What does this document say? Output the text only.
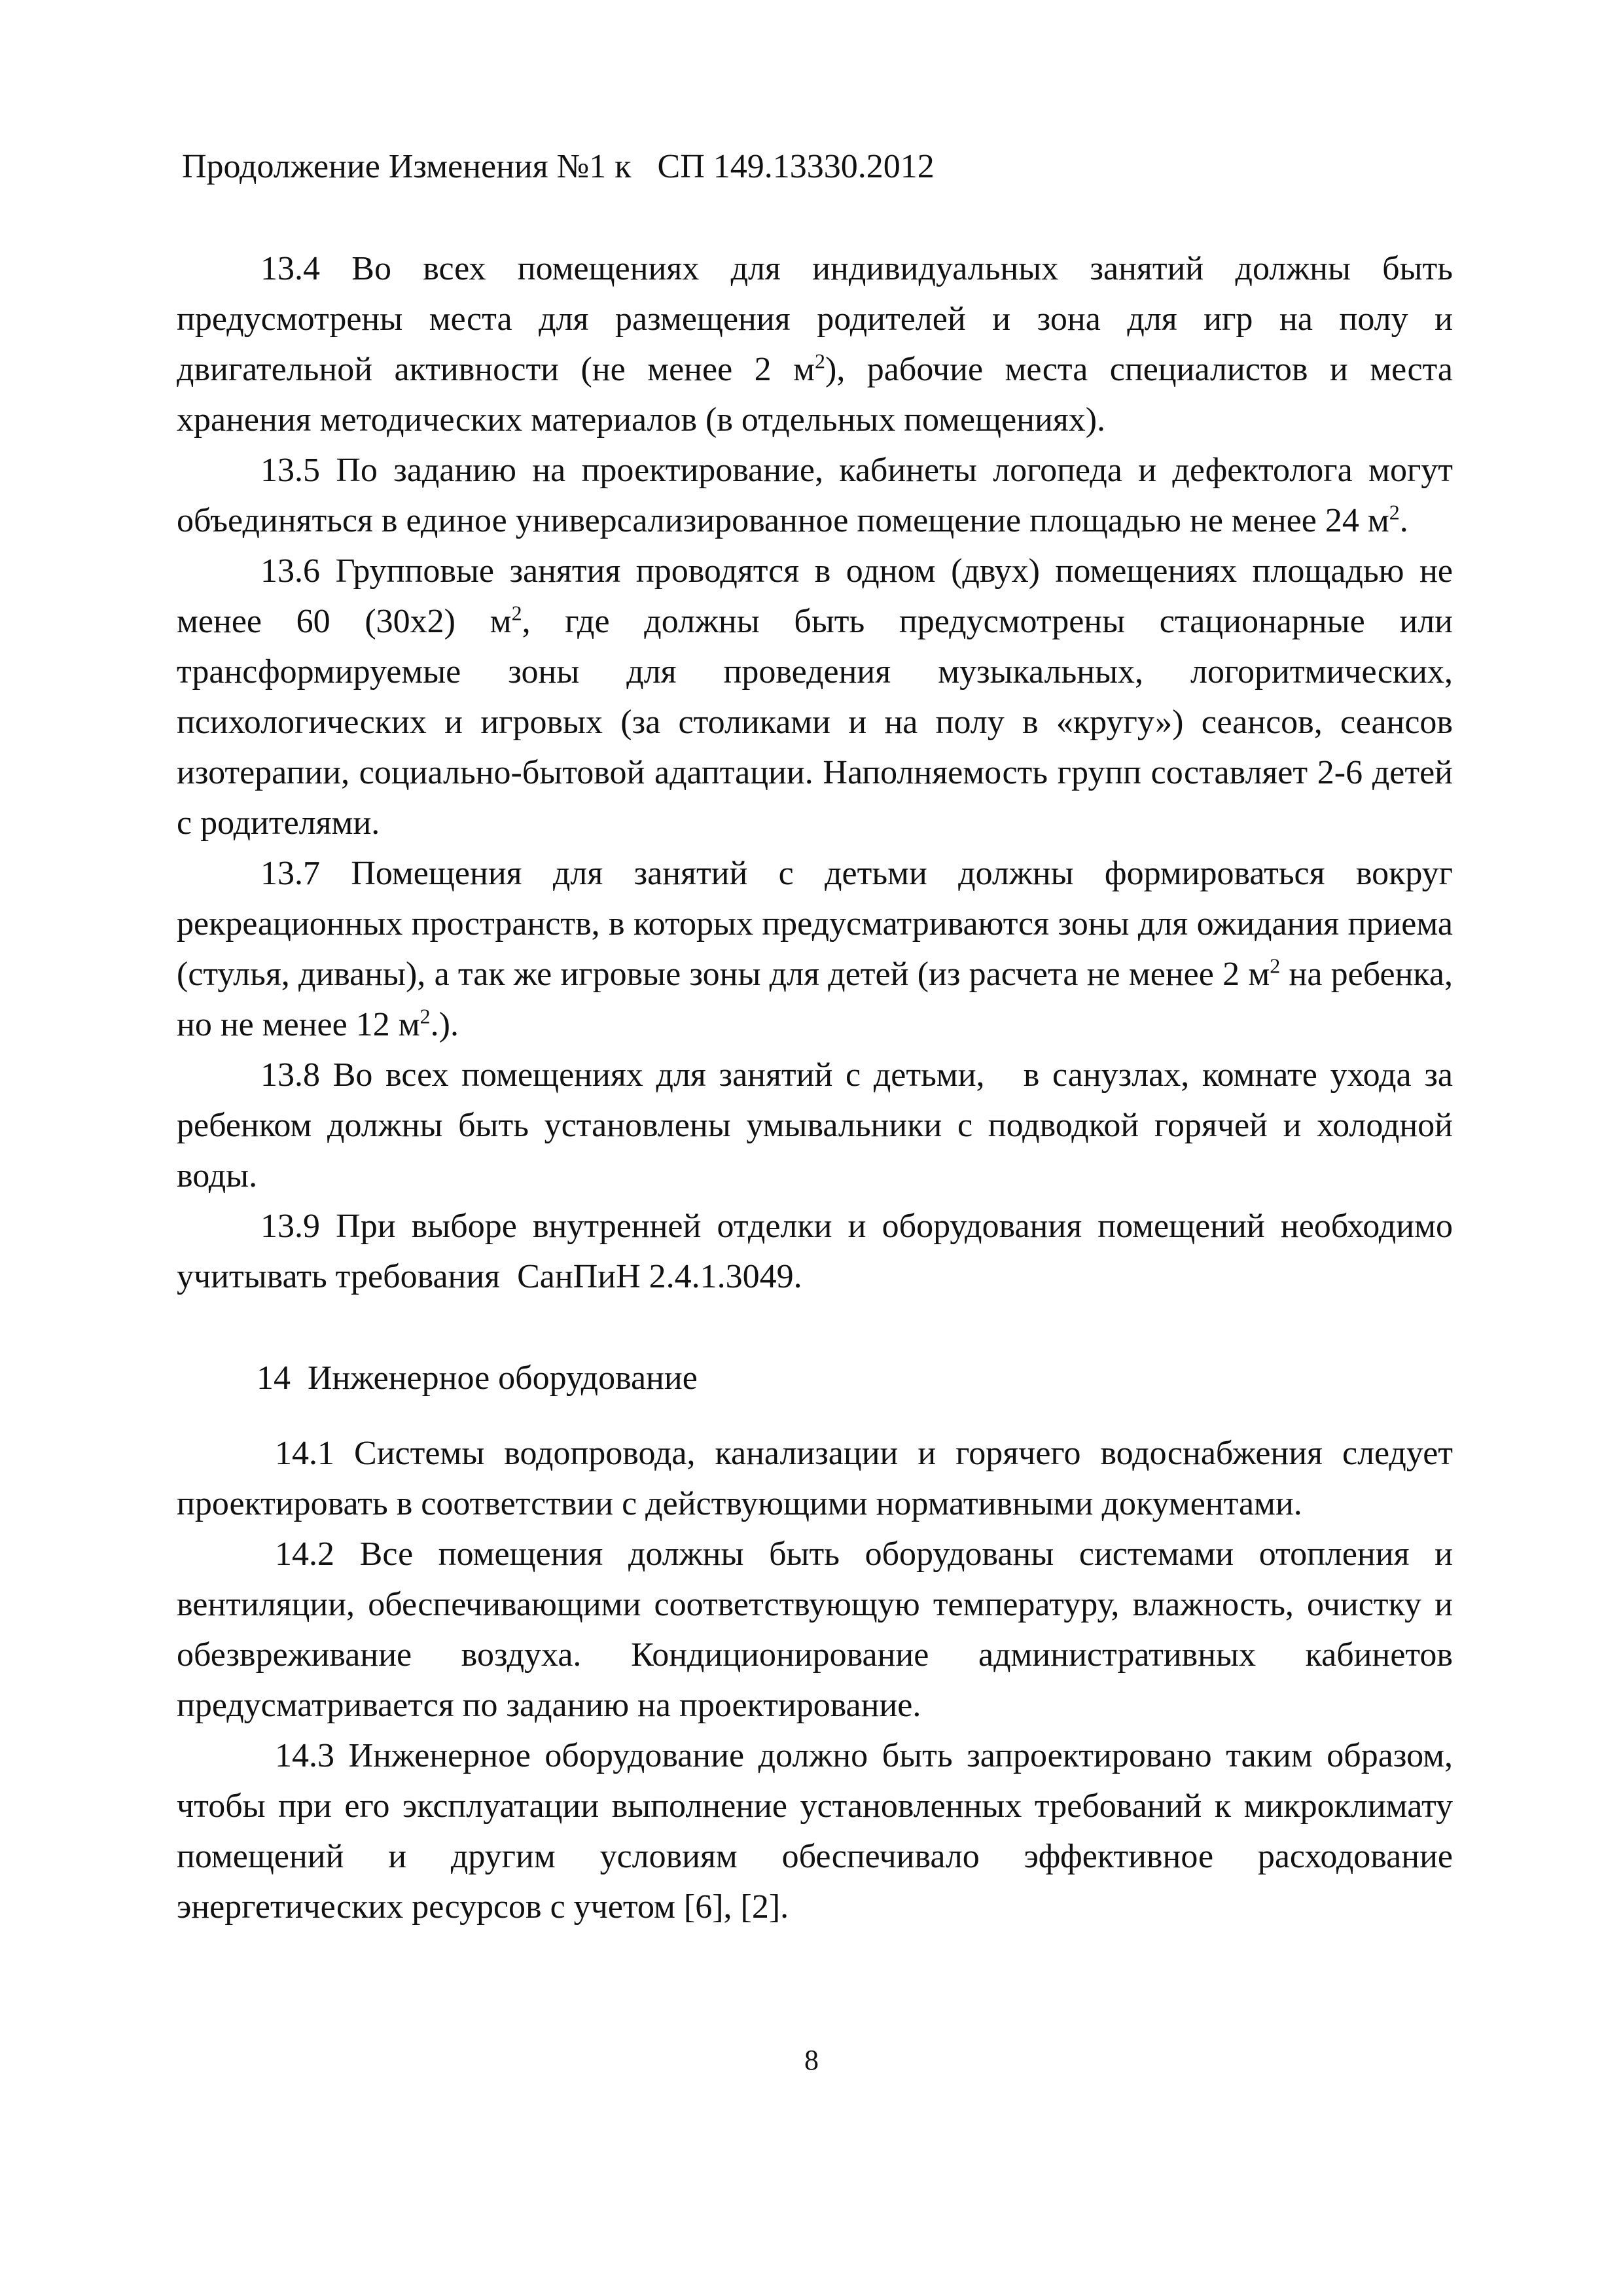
Продолжение Изменения №1 к СП 149.13330.2012

13.4 Во всех помещениях для индивидуальных занятий должны быть предусмотрены места для размещения родителей и зона для игр на полу и двигательной активности (не менее 2 $м^2$), рабочие места специалистов и места хранения методических материалов (в отдельных помещениях).

13.5 По заданию на проектирование, кабинеты логопеда и дефектолога могут объединяться в единое универсализированное помещение площадью не менее 24 $м^2$.

13.6 Групповые занятия проводятся в одном (двух) помещениях площадью не менее 60 (30х2) $м^2$, где должны быть предусмотрены стационарные или трансформируемые зоны для проведения музыкальных, логоритмических, психологических и игровых (за столиками и на полу в «кругу») сеансов, сеансов изотерапии, социально-бытовой адаптации. Наполняемость групп составляет 2-6 детей с родителями.

13.7 Помещения для занятий с детьми должны формироваться вокруг рекреационных пространств, в которых предусматриваются зоны для ожидания приема (стулья, диваны), а так же игровые зоны для детей (из расчета не менее 2 $м^2$ на ребенка, но не менее 12 $м^2$.).

13.8 Во всех помещениях для занятий с детьми,   в санузлах, комнате ухода за ребенком должны быть установлены умывальники с подводкой горячей и холодной воды.

13.9 При выборе внутренней отделки и оборудования помещений необходимо учитывать требования  СанПиН 2.4.1.3049.

14  Инженерное оборудование

14.1 Системы водопровода, канализации и горячего водоснабжения следует проектировать в соответствии с действующими нормативными документами.

14.2 Все помещения должны быть оборудованы системами отопления и вентиляции, обеспечивающими соответствующую температуру, влажность, очистку и обезвреживание воздуха. Кондиционирование административных кабинетов предусматривается по заданию на проектирование.

14.3 Инженерное оборудование должно быть запроектировано таким образом, чтобы при его эксплуатации выполнение установленных требований к микроклимату помещений и другим условиям обеспечивало эффективное расходование энергетических ресурсов с учетом [6], [2].

8
